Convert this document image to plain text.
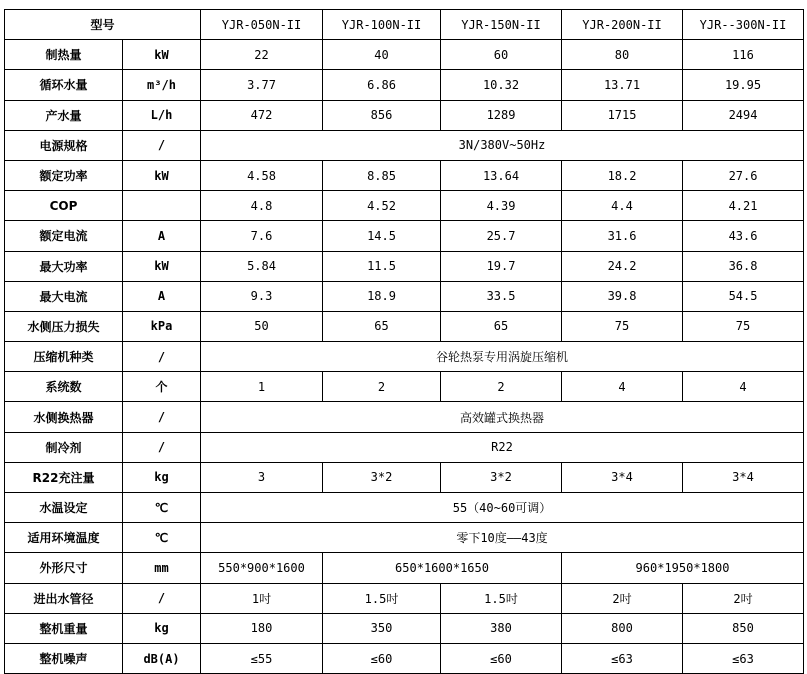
型号		YJR-050N-II	YJR-100N-II	YJR-150N-II	YJR-200N-II	YJR--300N-II
制热量	kW	22	40	60	80	116
循环水量	m³/h	3.77	6.86	10.32	13.71	19.95
产水量	L/h	472	856	1289	1715	2494
电源规格	/	3N/380V~50Hz				
额定功率	kW	4.58	8.85	13.64	18.2	27.6
COP		4.8	4.52	4.39	4.4	4.21
额定电流	A	7.6	14.5	25.7	31.6	43.6
最大功率	kW	5.84	11.5	19.7	24.2	36.8
最大电流	A	9.3	18.9	33.5	39.8	54.5
水侧压力损失	kPa	50	65	65	75	75
压缩机种类	/	谷轮热泵专用涡旋压缩机				
系统数	个	1	2	2	4	4
水侧换热器	/	高效罐式换热器				
制冷剂	/	R22				
R22充注量	kg	3	3*2	3*2	3*4	3*4
水温设定	℃	55（40~60可调）				
适用环境温度	℃	零下10度——43度				
外形尺寸	mm	550*900*1600	650*1600*1650		960*1950*1800	
进出水管径	/	1吋	1.5吋	1.5吋	2吋	2吋
整机重量	kg	180	350	380	800	850
整机噪声	dB(A)	≤55	≤60	≤60	≤63	≤63
